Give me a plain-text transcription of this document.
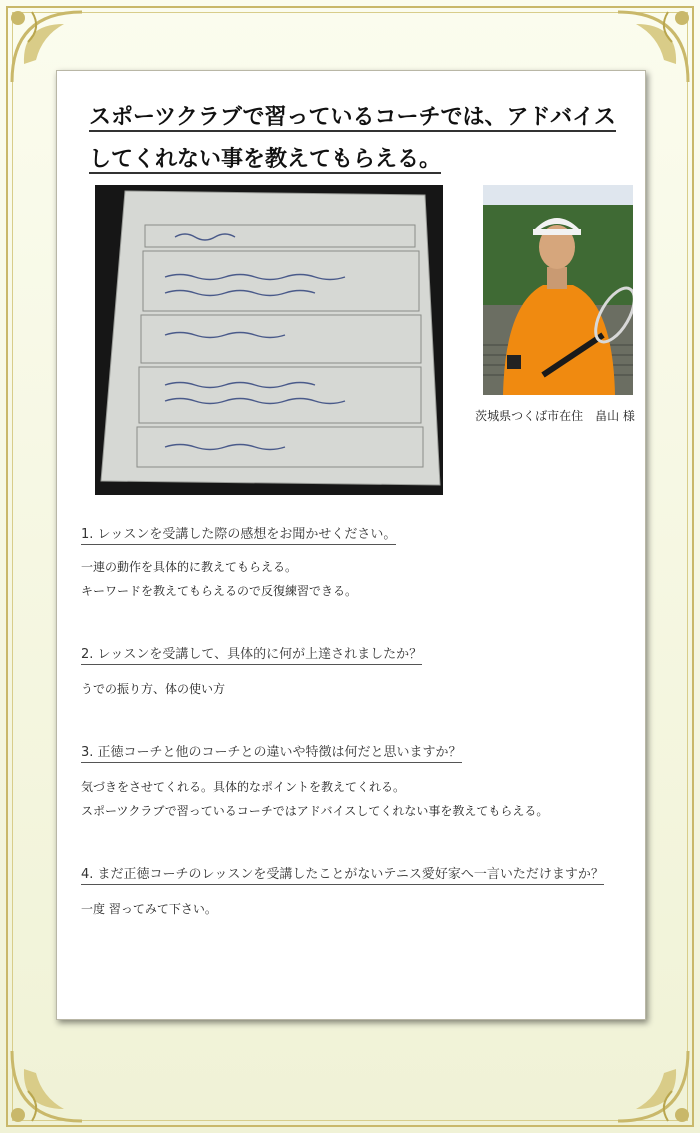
スポーツクラブで習っているコーチでは、アドバイスしてくれない事を教えてもらえる。
茨城県つくば市在住　畠山 様
1. レッスンを受講した際の感想をお聞かせください。
一連の動作を具体的に教えてもらえる。
キーワードを教えてもらえるので反復練習できる。
2. レッスンを受講して、具体的に何が上達されましたか？
うでの振り方、体の使い方
3. 正徳コーチと他のコーチとの違いや特徴は何だと思いますか？
気づきをさせてくれる。具体的なポイントを教えてくれる。
スポーツクラブで習っているコーチではアドバイスしてくれない事を教えてもらえる。
4. まだ正徳コーチのレッスンを受講したことがないテニス愛好家へ一言いただけますか？
一度 習ってみて下さい。
